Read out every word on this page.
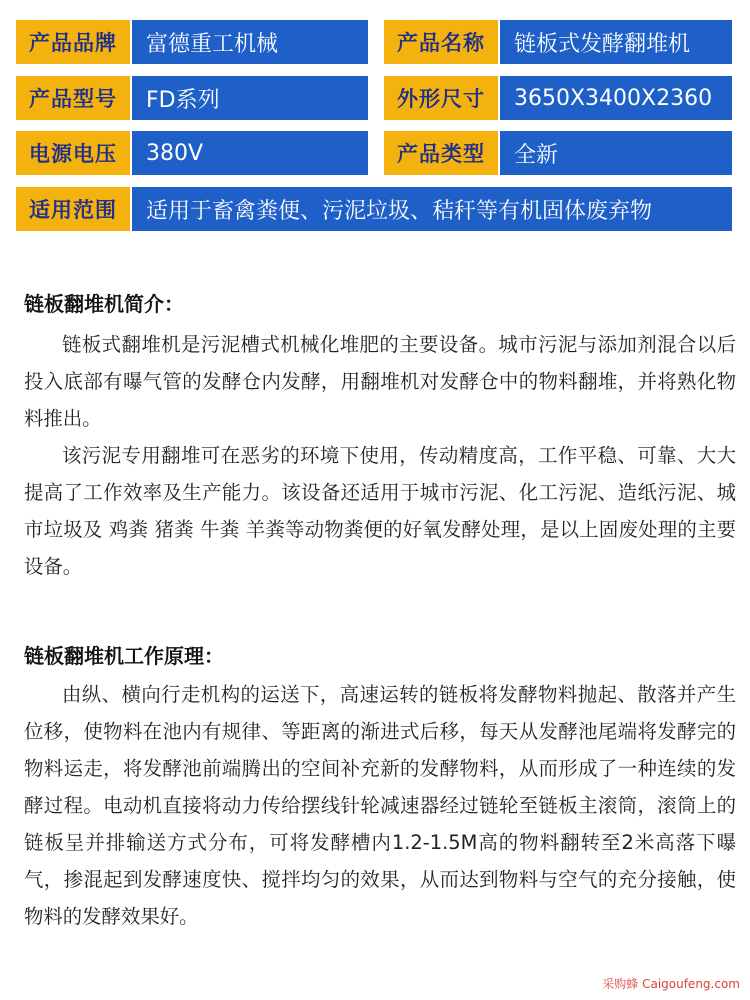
产品品牌	富德重工机械	产品名称	链板式发酵翻堆机
产品型号	FD系列	外形尺寸	3650X3400X2360
电源电压	380V	产品类型	全新
适用范围	适用于畜禽粪便、污泥垃圾、秸秆等有机固体废弃物
链板翻堆机简介：

链板式翻堆机是污泥槽式机械化堆肥的主要设备。城市污泥与添加剂混合以后投入底部有曝气管的发酵仓内发酵，用翻堆机对发酵仓中的物料翻堆，并将熟化物料推出。

该污泥专用翻堆可在恶劣的环境下使用，传动精度高，工作平稳、可靠、大大提高了工作效率及生产能力。该设备还适用于城市污泥、化工污泥、造纸污泥、城市垃圾及 鸡粪 猪粪 牛粪 羊粪等动物粪便的好氧发酵处理，是以上固废处理的主要设备。

链板翻堆机工作原理：

由纵、横向行走机构的运送下，高速运转的链板将发酵物料抛起、散落并产生位移，使物料在池内有规律、等距离的渐进式后移，每天从发酵池尾端将发酵完的物料运走，将发酵池前端腾出的空间补充新的发酵物料，从而形成了一种连续的发酵过程。电动机直接将动力传给摆线针轮减速器经过链轮至链板主滚筒，滚筒上的链板呈并排输送方式分布，可将发酵槽内1.2-1.5M高的物料翻转至2米高落下曝气，掺混起到发酵速度快、搅拌均匀的效果，从而达到物料与空气的充分接触，使物料的发酵效果好。

采购蜂 Caigoufeng.com
